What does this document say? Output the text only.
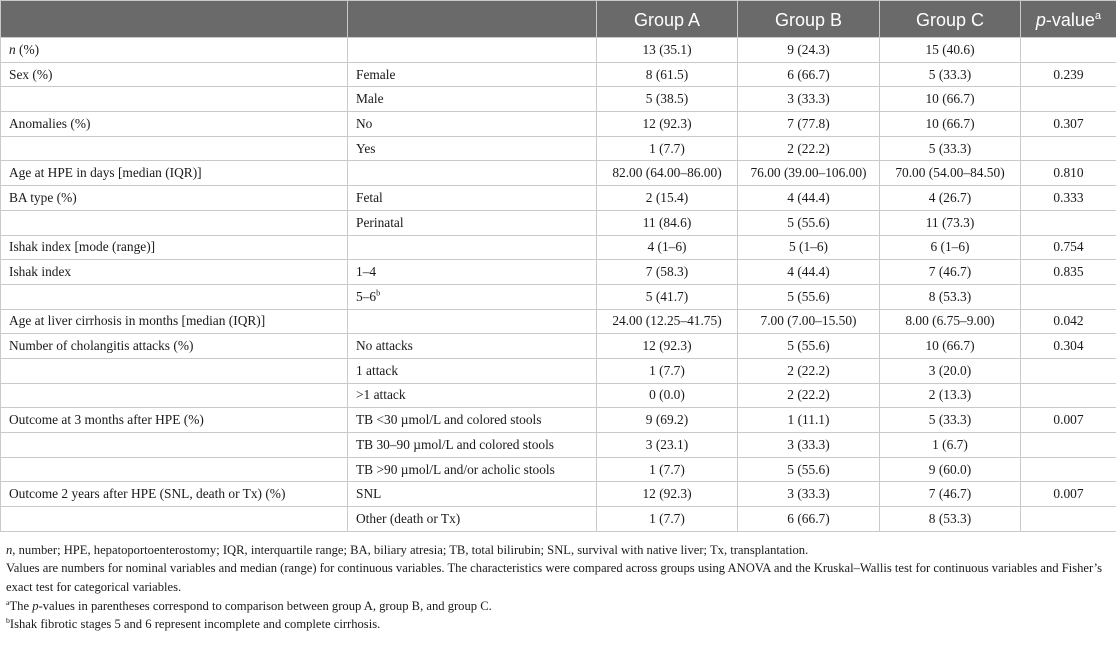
		Group A	Group B	Group C	p-value$^a$
n (%)		13 (35.1)	9 (24.3)	15 (40.6)	
Sex (%)	Female	8 (61.5)	6 (66.7)	5 (33.3)	0.239
	Male	5 (38.5)	3 (33.3)	10 (66.7)	
Anomalies (%)	No	12 (92.3)	7 (77.8)	10 (66.7)	0.307
	Yes	1 (7.7)	2 (22.2)	5 (33.3)	
Age at HPE in days [median (IQR)]		82.00 (64.00–86.00)	76.00 (39.00–106.00)	70.00 (54.00–84.50)	0.810
BA type (%)	Fetal	2 (15.4)	4 (44.4)	4 (26.7)	0.333
	Perinatal	11 (84.6)	5 (55.6)	11 (73.3)	
Ishak index [mode (range)]		4 (1–6)	5 (1–6)	6 (1–6)	0.754
Ishak index	1–4	7 (58.3)	4 (44.4)	7 (46.7)	0.835
	5–6$^b$	5 (41.7)	5 (55.6)	8 (53.3)	
Age at liver cirrhosis in months [median (IQR)]		24.00 (12.25–41.75)	7.00 (7.00–15.50)	8.00 (6.75–9.00)	0.042
Number of cholangitis attacks (%)	No attacks	12 (92.3)	5 (55.6)	10 (66.7)	0.304
	1 attack	1 (7.7)	2 (22.2)	3 (20.0)	
	>1 attack	0 (0.0)	2 (22.2)	2 (13.3)	
Outcome at 3 months after HPE (%)	TB <30 µmol/L and colored stools	9 (69.2)	1 (11.1)	5 (33.3)	0.007
	TB 30–90 µmol/L and colored stools	3 (23.1)	3 (33.3)	1 (6.7)	
	TB >90 µmol/L and/or acholic stools	1 (7.7)	5 (55.6)	9 (60.0)	
Outcome 2 years after HPE (SNL, death or Tx) (%)	SNL	12 (92.3)	3 (33.3)	7 (46.7)	0.007
	Other (death or Tx)	1 (7.7)	6 (66.7)	8 (53.3)	

n, number; HPE, hepatoportoenterostomy; IQR, interquartile range; BA, biliary atresia; TB, total bilirubin; SNL, survival with native liver; Tx, transplantation.

Values are numbers for nominal variables and median (range) for continuous variables. The characteristics were compared across groups using ANOVA and the Kruskal–Wallis test for continuous variables and Fisher’s exact test for categorical variables.

$^a$The p-values in parentheses correspond to comparison between group A, group B, and group C.

$^b$Ishak fibrotic stages 5 and 6 represent incomplete and complete cirrhosis.
